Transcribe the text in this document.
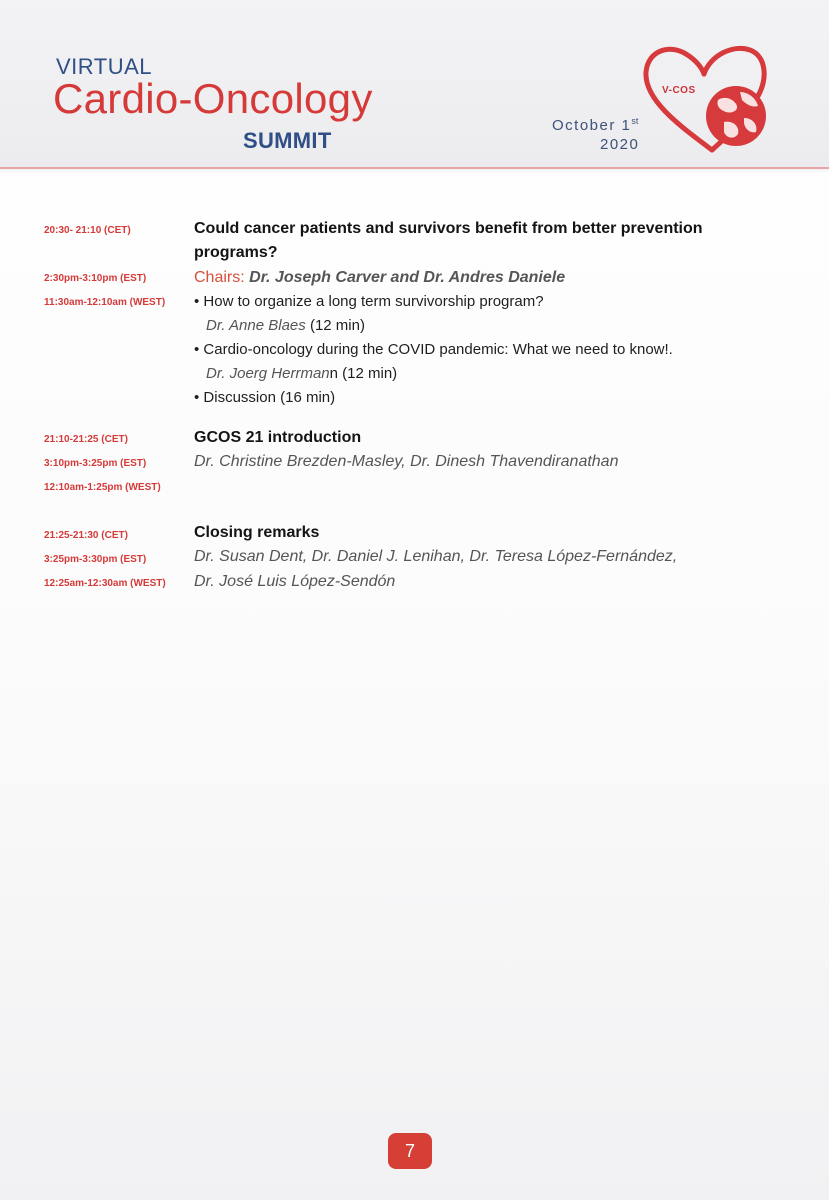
VIRTUAL
Cardio-Oncology
SUMMIT
October 1st
2020
V-COS
20:30- 21:10 (CET)
2:30pm-3:10pm (EST)
11:30am-12:10am (WEST)
Could cancer patients and survivors benefit from better prevention
programs?
Chairs: Dr. Joseph Carver and Dr. Andres Daniele
• How to organize a long term survivorship program?
Dr. Anne Blaes (12 min)
• Cardio-oncology during the COVID pandemic: What we need to know!.
Dr. Joerg Herrmann (12 min)
• Discussion (16 min)
21:10-21:25 (CET)
3:10pm-3:25pm (EST)
12:10am-1:25pm (WEST)
GCOS 21 introduction
Dr. Christine Brezden-Masley, Dr. Dinesh Thavendiranathan
21:25-21:30 (CET)
3:25pm-3:30pm (EST)
12:25am-12:30am (WEST)
Closing remarks
Dr. Susan Dent, Dr. Daniel J. Lenihan, Dr. Teresa López-Fernández,
Dr. José Luis López-Sendón
7
